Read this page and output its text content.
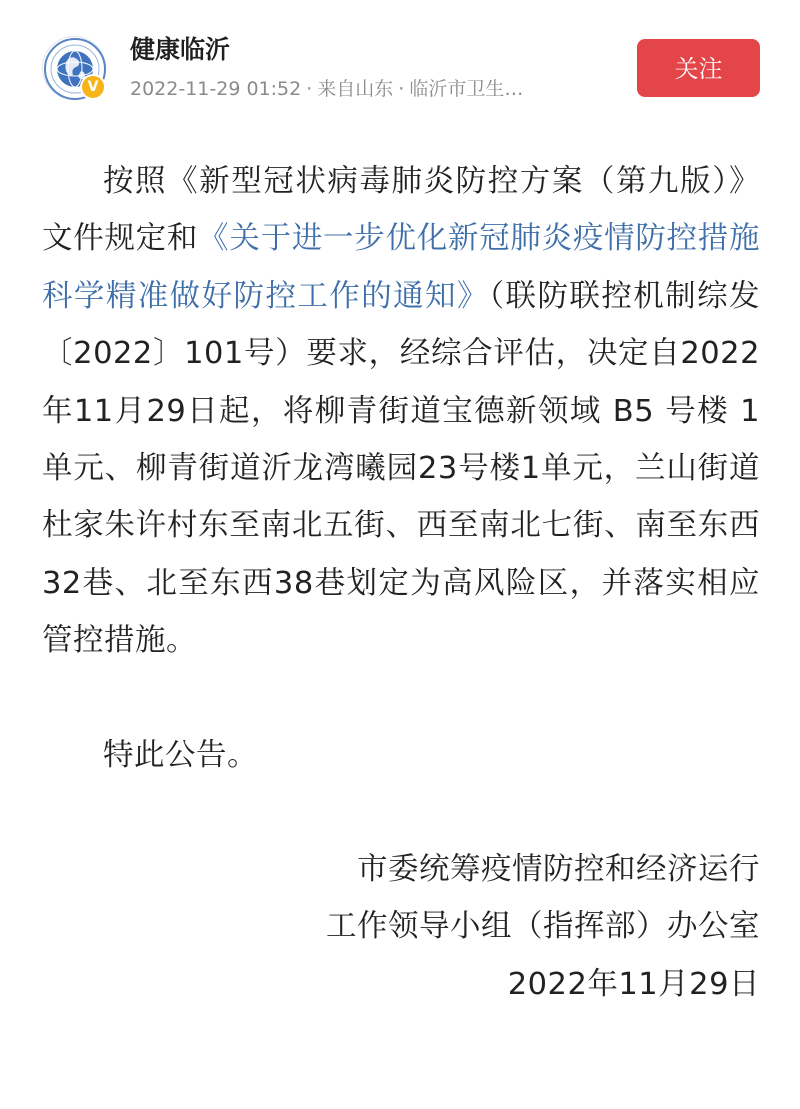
V
健康临沂
2022-11-29 01:52 · 来自山东 · 临沂市卫生…
关注

按照《新型冠状病毒肺炎防控方案（第九版）》文件规定和《关于进一步优化新冠肺炎疫情防控措施科学精准做好防控工作的通知》（联防联控机制综发〔2022〕101号）要求，经综合评估，决定自2022年11月29日起，将柳青街道宝德新领域 B5 号楼 1 单元、柳青街道沂龙湾曦园23号楼1单元，兰山街道杜家朱许村东至南北五街、西至南北七街、南至东西32巷、北至东西38巷划定为高风险区，并落实相应管控措施。

特此公告。

市委统筹疫情防控和经济运行
工作领导小组（指挥部）办公室
2022年11月29日
